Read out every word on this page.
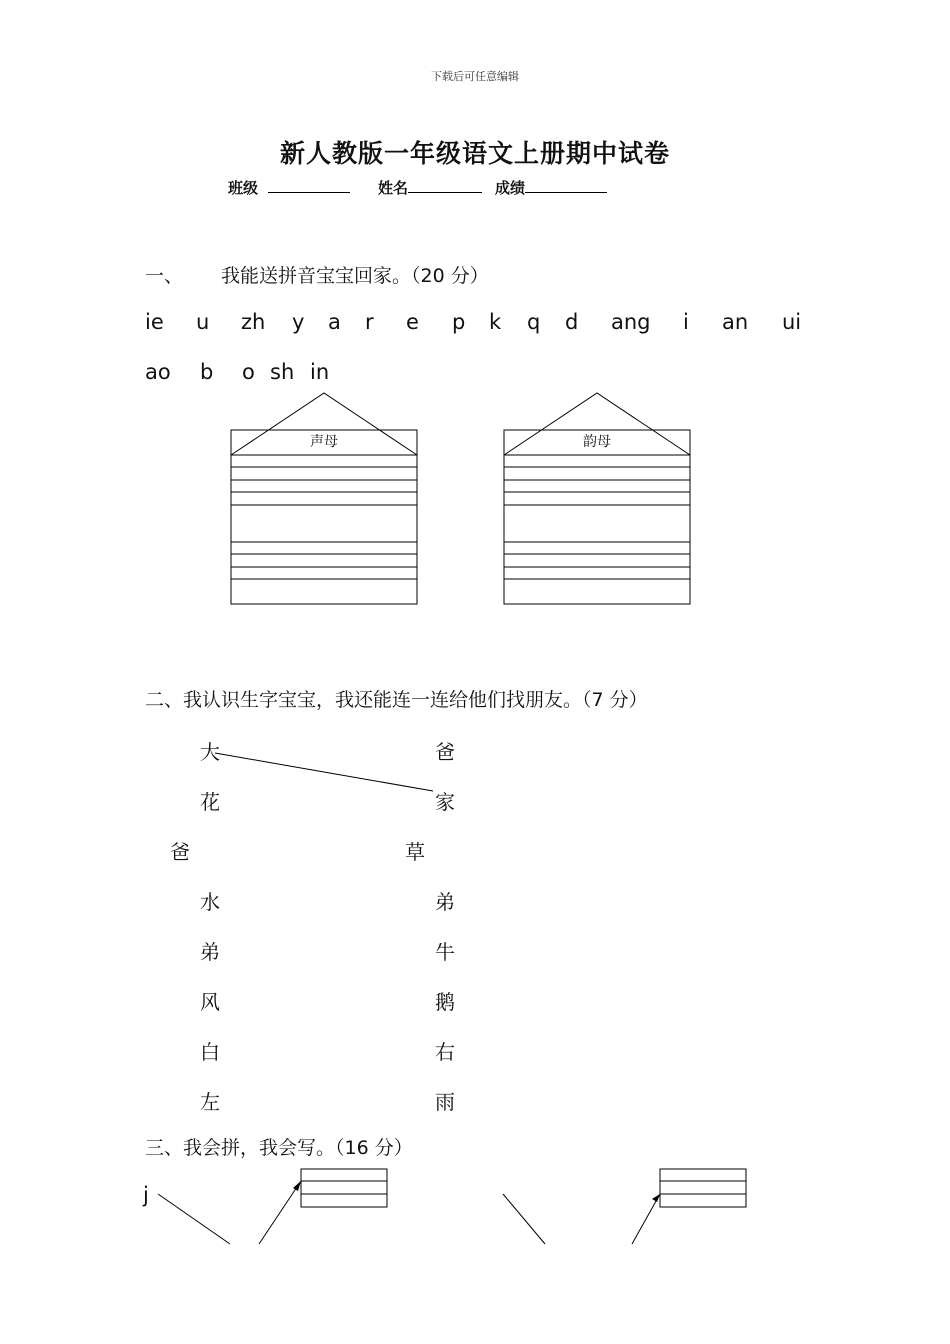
下载后可任意编辑
新人教版一年级语文上册期中试卷
班级	姓名	成绩
一、 我能送拼音宝宝回家。（20 分）
ie u zh y a r e p k q d ang i an ui
ao b o sh in
声母	韵母
二、我认识生字宝宝，我还能连一连给他们找朋友。（7 分）
大
花
爸
水
弟
风
白
左
爸
家
草
弟
牛
鹅
右
雨
三、我会拼，我会写。（16 分）
j
